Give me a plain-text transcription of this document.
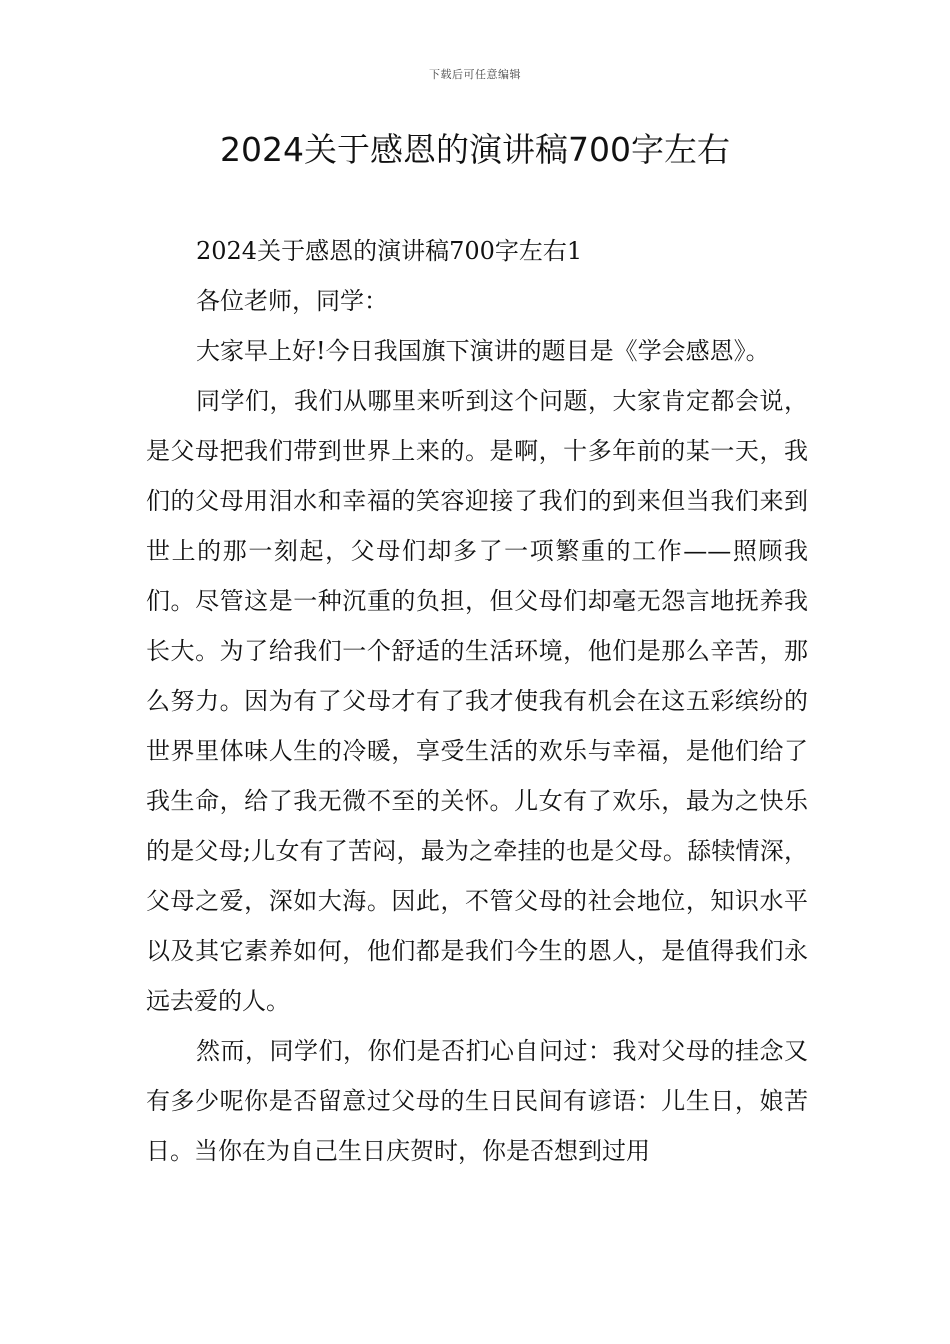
下载后可任意编辑
2024关于感恩的演讲稿700字左右

2024关于感恩的演讲稿700字左右1

各位老师，同学：

大家早上好!今日我国旗下演讲的题目是《学会感恩》。

同学们，我们从哪里来听到这个问题，大家肯定都会说，是父母把我们带到世界上来的。是啊，十多年前的某一天，我们的父母用泪水和幸福的笑容迎接了我们的到来但当我们来到世上的那一刻起，父母们却多了一项繁重的工作——照顾我们。尽管这是一种沉重的负担，但父母们却毫无怨言地抚养我长大。为了给我们一个舒适的生活环境，他们是那么辛苦，那么努力。因为有了父母才有了我才使我有机会在这五彩缤纷的世界里体味人生的冷暖，享受生活的欢乐与幸福，是他们给了我生命，给了我无微不至的关怀。儿女有了欢乐，最为之快乐的是父母;儿女有了苦闷，最为之牵挂的也是父母。舔犊情深，父母之爱，深如大海。因此，不管父母的社会地位，知识水平以及其它素养如何，他们都是我们今生的恩人，是值得我们永远去爱的人。

然而，同学们，你们是否扪心自问过：我对父母的挂念又有多少呢你是否留意过父母的生日民间有谚语：儿生日，娘苦日。当你在为自己生日庆贺时，你是否想到过用
